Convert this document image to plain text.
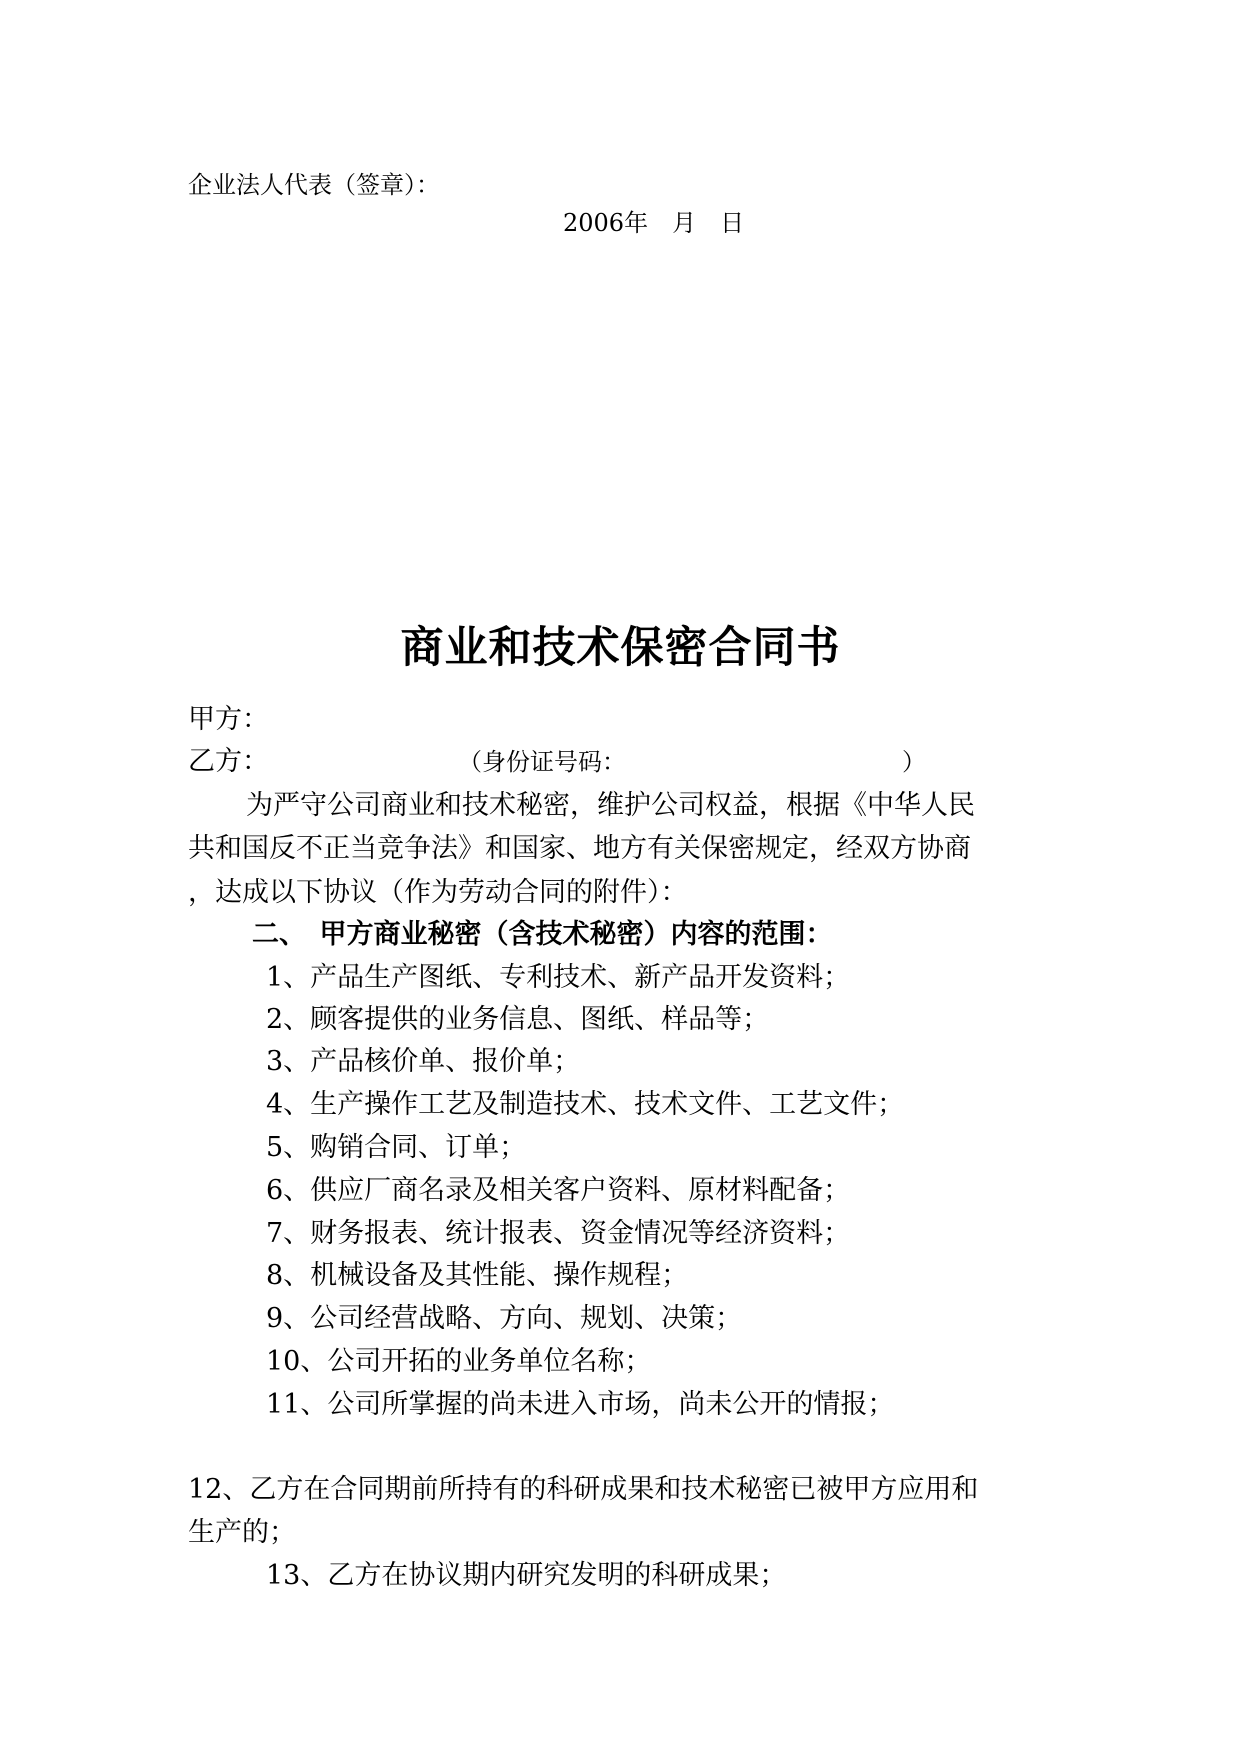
企业法人代表（签章）：
2006年　月　日
商业和技术保密合同书
甲方：
乙方：	（身份证号码：　　　　　　　　　　　　）
为严守公司商业和技术秘密，维护公司权益，根据《中华人民
共和国反不正当竞争法》和国家、地方有关保密规定，经双方协商
，达成以下协议（作为劳动合同的附件）：
二、　甲方商业秘密（含技术秘密）内容的范围：
1、产品生产图纸、专利技术、新产品开发资料；
2、顾客提供的业务信息、图纸、样品等；
3、产品核价单、报价单；
4、生产操作工艺及制造技术、技术文件、工艺文件；
5、购销合同、订单；
6、供应厂商名录及相关客户资料、原材料配备；
7、财务报表、统计报表、资金情况等经济资料；
8、机械设备及其性能、操作规程；
9、公司经营战略、方向、规划、决策；
10、公司开拓的业务单位名称；
11、公司所掌握的尚未进入市场，尚未公开的情报；
12、乙方在合同期前所持有的科研成果和技术秘密已被甲方应用和
生产的；
13、乙方在协议期内研究发明的科研成果；
